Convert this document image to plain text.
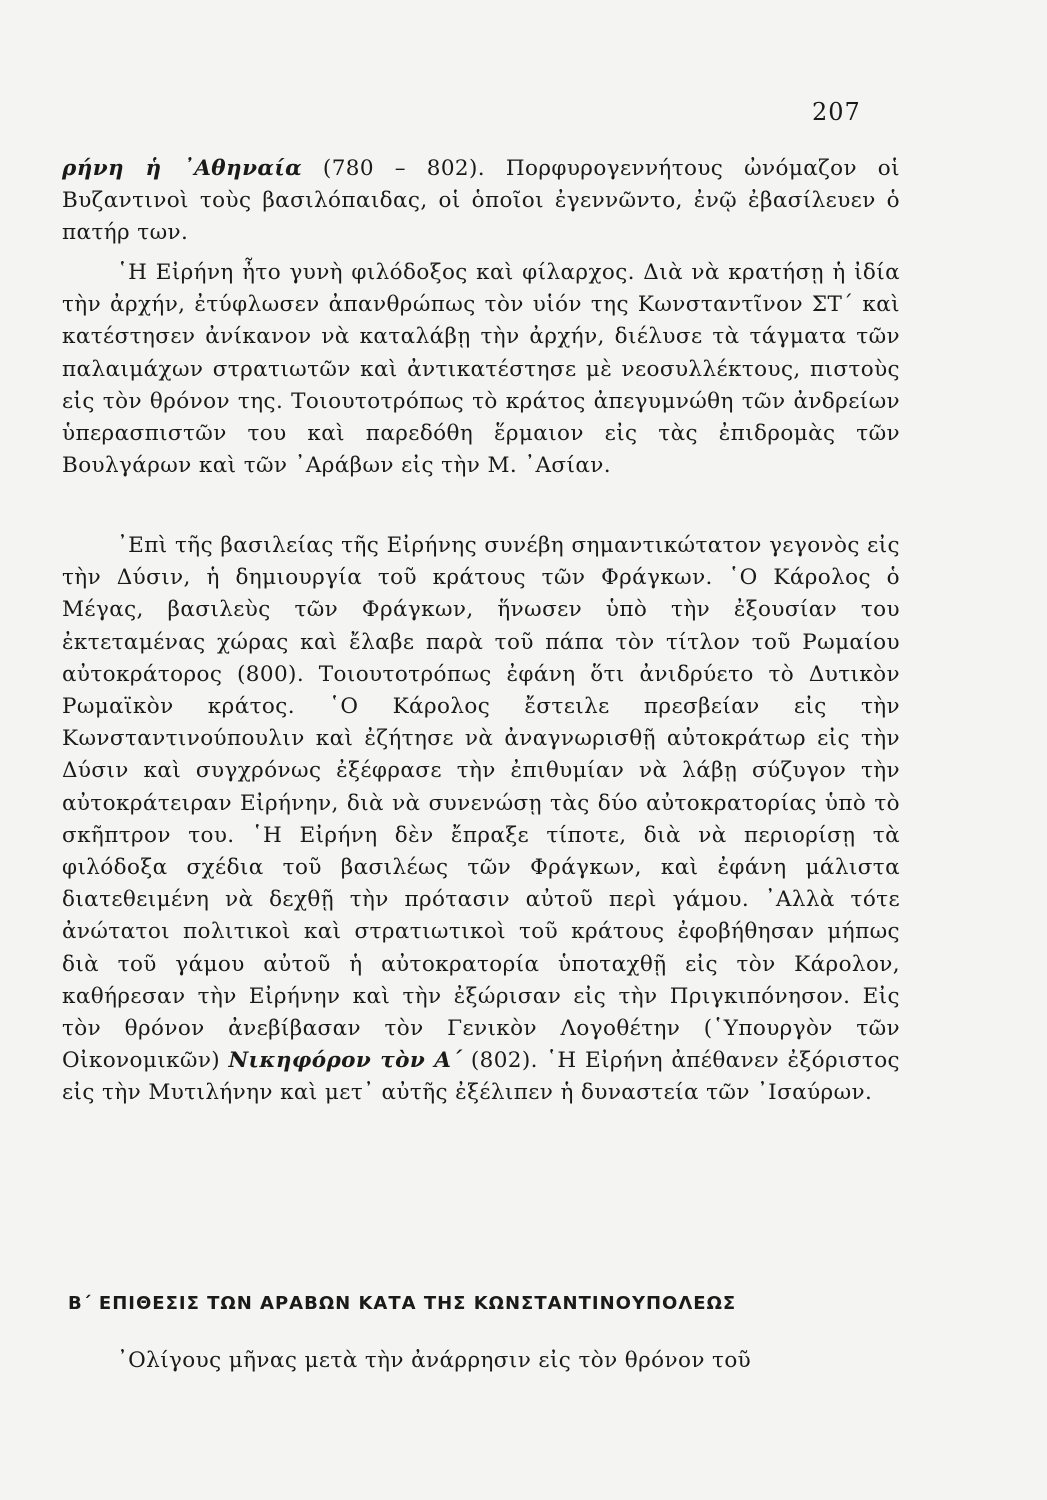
207

ρήνη ἡ ᾿Αθηναία (780 – 802). Πορφυρογεννήτους ὠνόμαζον οἱ Βυζαντινοὶ τοὺς βασιλόπαιδας, οἱ ὁποῖοι ἐγεννῶντο, ἐνῷ ἐβασίλευεν ὁ πατήρ των.

῾Η Εἰρήνη ἦτο γυνὴ φιλόδοξος καὶ φίλαρχος. Διὰ νὰ κρατήσῃ ἡ ἰδία τὴν ἀρχήν, ἐτύφλωσεν ἀπανθρώπως τὸν υἱόν της Κωνσταντῖνον ΣΤ΄ καὶ κατέστησεν ἀνίκανον νὰ καταλάβῃ τὴν ἀρχήν, διέλυσε τὰ τάγματα τῶν παλαιμάχων στρατιωτῶν καὶ ἀντικατέστησε μὲ νεοσυλλέκτους, πιστοὺς εἰς τὸν θρόνον της. Τοιουτοτρόπως τὸ κράτος ἀπεγυμνώθη τῶν ἀνδρείων ὑπερασπιστῶν του καὶ παρεδόθη ἕρμαιον εἰς τὰς ἐπιδρομὰς τῶν Βουλγάρων καὶ τῶν ᾿Αράβων εἰς τὴν Μ. ᾿Ασίαν.

᾿Επὶ τῆς βασιλείας τῆς Εἰρήνης συνέβη σημαντικώτατον γεγονὸς εἰς τὴν Δύσιν, ἡ δημιουργία τοῦ κράτους τῶν Φράγκων. ῾Ο Κάρολος ὁ Μέγας, βασιλεὺς τῶν Φράγκων, ἥνωσεν ὑπὸ τὴν ἐξουσίαν του ἐκτεταμένας χώρας καὶ ἔλαβε παρὰ τοῦ πάπα τὸν τίτλον τοῦ Ρωμαίου αὐτοκράτορος (800). Τοιουτοτρόπως ἐφάνη ὅτι ἀνιδρύετο τὸ Δυτικὸν Ρωμαϊκὸν κράτος. ῾Ο Κάρολος ἔστειλε πρεσβείαν εἰς τὴν Κωνσταντινούπουλιν καὶ ἐζήτησε νὰ ἀναγνωρισθῇ αὐτοκράτωρ εἰς τὴν Δύσιν καὶ συγχρόνως ἐξέφρασε τὴν ἐπιθυμίαν νὰ λάβῃ σύζυγον τὴν αὐτοκράτειραν Εἰρήνην, διὰ νὰ συνενώσῃ τὰς δύο αὐτοκρατορίας ὑπὸ τὸ σκῆπτρον του. ῾Η Εἰρήνη δὲν ἔπραξε τίποτε, διὰ νὰ περιορίσῃ τὰ φιλόδοξα σχέδια τοῦ βασιλέως τῶν Φράγκων, καὶ ἐφάνη μάλιστα διατεθειμένη νὰ δεχθῇ τὴν πρότασιν αὐτοῦ περὶ γάμου. ᾿Αλλὰ τότε ἀνώτατοι πολιτικοὶ καὶ στρατιωτικοὶ τοῦ κράτους ἐφοβήθησαν μήπως διὰ τοῦ γάμου αὐτοῦ ἡ αὐτοκρατορία ὑποταχθῇ εἰς τὸν Κάρολον, καθήρεσαν τὴν Εἰρήνην καὶ τὴν ἐξώρισαν εἰς τὴν Πριγκιπόνησον. Εἰς τὸν θρόνον ἀνεβίβασαν τὸν Γενικὸν Λογοθέτην (῾Υπουργὸν τῶν Οἰκονομικῶν) Νικηφόρον τὸν Α΄ (802). ῾Η Εἰρήνη ἀπέθανεν ἐξόριστος εἰς τὴν Μυτιλήνην καὶ μετ᾿ αὐτῆς ἐξέλιπεν ἡ δυναστεία τῶν ᾿Ισαύρων.

Β΄ ΕΠΙΘΕΣΙΣ ΤΩΝ ΑΡΑΒΩΝ ΚΑΤΑ ΤΗΣ ΚΩΝΣΤΑΝΤΙΝΟΥΠΟΛΕΩΣ

᾿Ολίγους μῆνας μετὰ τὴν ἀνάρρησιν εἰς τὸν θρόνον τοῦ
